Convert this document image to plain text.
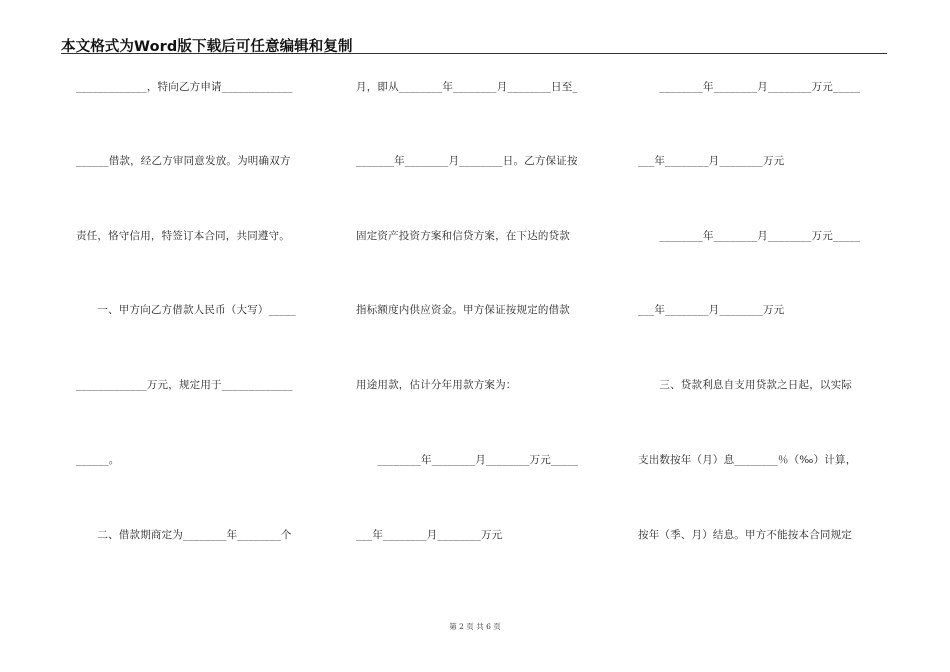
本文格式为Word版下载后可任意编辑和复制
_____________，特向乙方申请_____________
______借款，经乙方审同意发放。为明确双方
责任，恪守信用，特签订本合同，共同遵守。
　　一、甲方向乙方借款人民币（大写）_____
_____________万元，规定用于_____________
______。
　　二、借款期商定为________年________个
月，即从________年________月________日至_
_______年________月________日。乙方保证按
固定资产投资方案和信贷方案，在下达的贷款
指标额度内供应资金。甲方保证按规定的借款
用途用款，估计分年用款方案为：
　　________年________月________万元_____
___年________月________万元
　　________年________月________万元_____
___年________月________万元
　　________年________月________万元_____
___年________月________万元
　　三、贷款利息自支用贷款之日起，以实际
支出数按年（月）息________％（‰）计算，
按年（季、月）结息。甲方不能按本合同规定
第 2 页 共 6 页
